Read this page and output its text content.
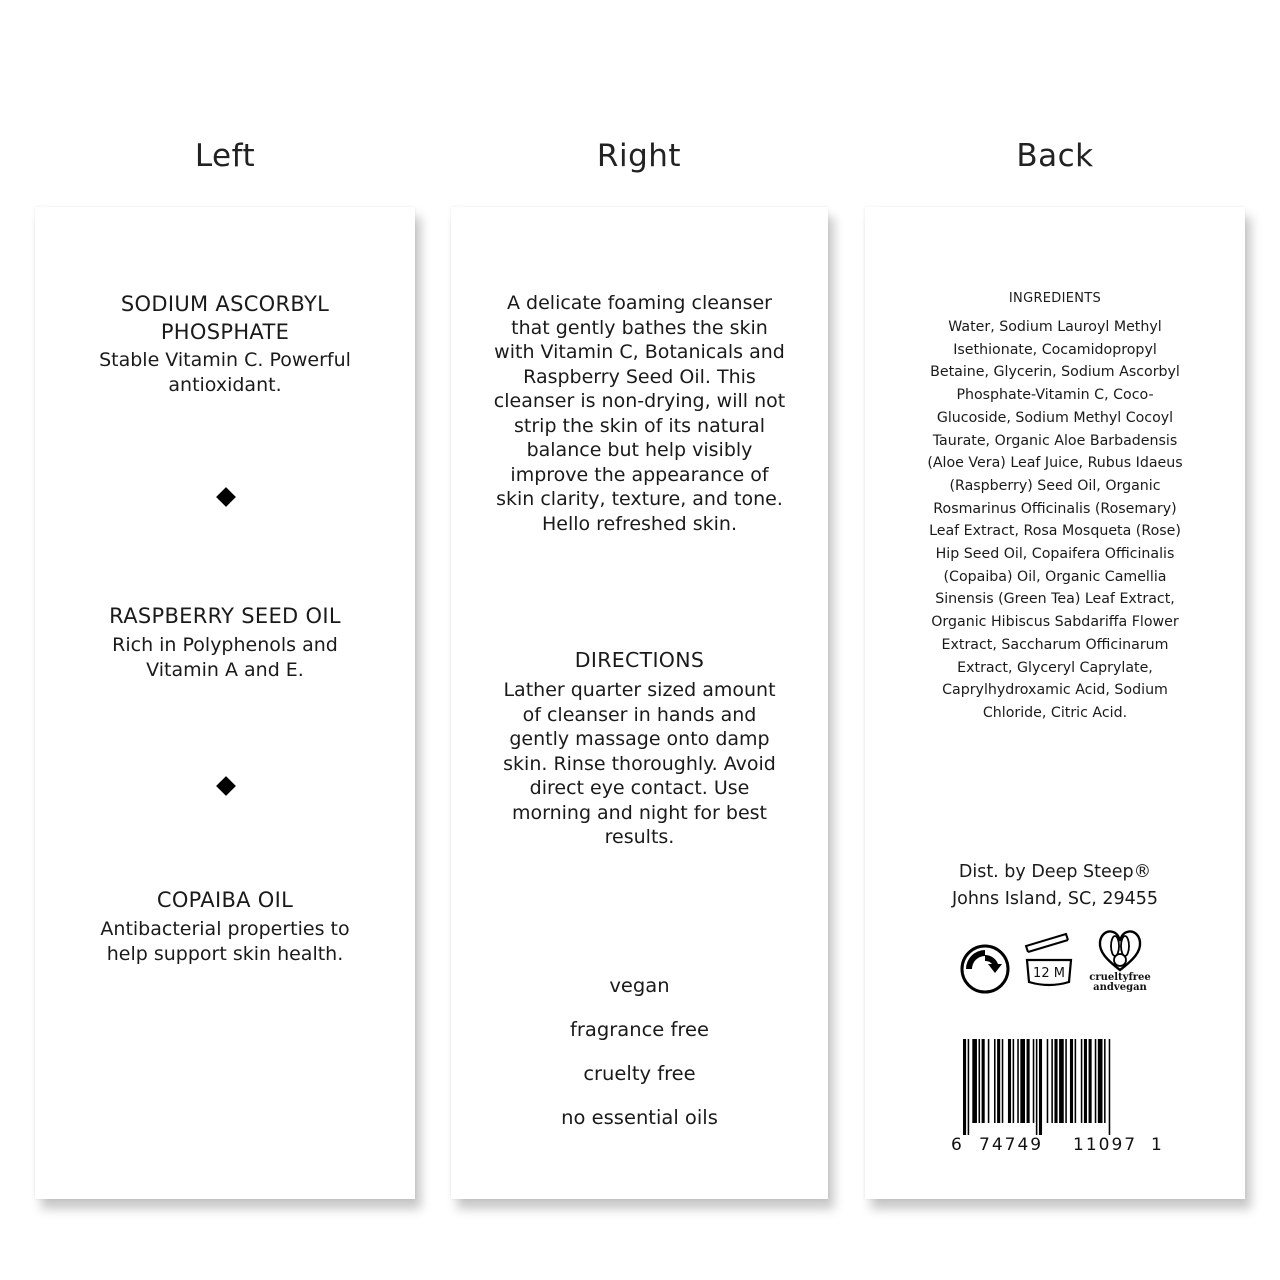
Left	Right	Back
SODIUM ASCORBYL PHOSPHATE
Stable Vitamin C. Powerful antioxidant.
RASPBERRY SEED OIL
Rich in Polyphenols and Vitamin A and E.
COPAIBA OIL
Antibacterial properties to help support skin health.
A delicate foaming cleanser that gently bathes the skin with Vitamin C, Botanicals and Raspberry Seed Oil. This cleanser is non-drying, will not strip the skin of its natural balance but help visibly improve the appearance of skin clarity, texture, and tone. Hello refreshed skin.
DIRECTIONS
Lather quarter sized amount of cleanser in hands and gently massage onto damp skin. Rinse thoroughly. Avoid direct eye contact. Use morning and night for best results.
vegan
fragrance free
cruelty free
no essential oils
INGREDIENTS
Water, Sodium Lauroyl Methyl Isethionate, Cocamidopropyl Betaine, Glycerin, Sodium Ascorbyl Phosphate-Vitamin C, Coco-Glucoside, Sodium Methyl Cocoyl Taurate, Organic Aloe Barbadensis (Aloe Vera) Leaf Juice, Rubus Idaeus (Raspberry) Seed Oil, Organic Rosmarinus Officinalis (Rosemary) Leaf Extract, Rosa Mosqueta (Rose) Hip Seed Oil, Copaifera Officinalis (Copaiba) Oil, Organic Camellia Sinensis (Green Tea) Leaf Extract, Organic Hibiscus Sabdariffa Flower Extract, Saccharum Officinarum Extract, Glyceryl Caprylate, Caprylhydroxamic Acid, Sodium Chloride, Citric Acid.
Dist. by Deep Steep®
Johns Island, SC, 29455
12 M	crueltyfree
andvegan
6 74749 11097 1
